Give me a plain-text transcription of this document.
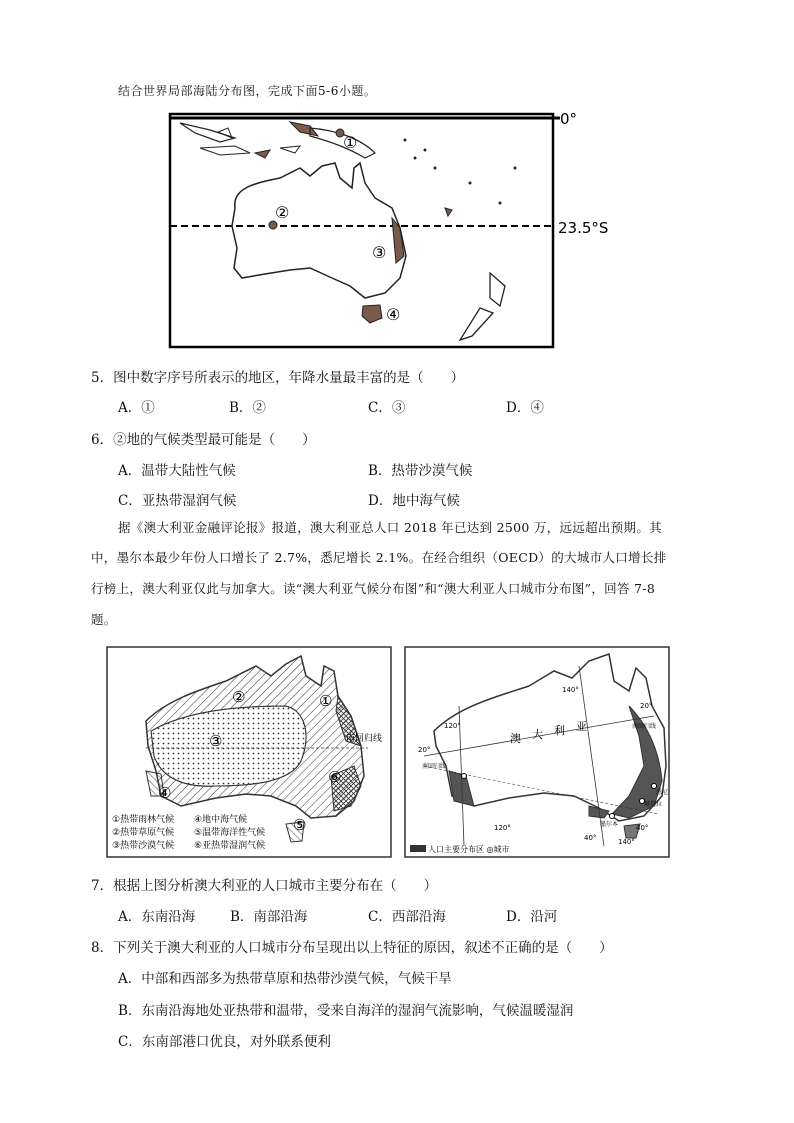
结合世界局部海陆分布图，完成下面5-6小题。
0°
23.5°S
①
②
③
④
5．图中数字序号所表示的地区，年降水量最丰富的是（　　）
A．①	B．②	C．③	D．④
6．②地的气候类型最可能是（　　）
A．温带大陆性气候	B．热带沙漠气候
C．亚热带湿润气候	D．地中海气候
据《澳大利亚金融评论报》报道，澳大利亚总人口 2018 年已达到 2500 万，远远超出预期。其
中，墨尔本最少年份人口增长了 2.7%，悉尼增长 2.1%。在经合组织（OECD）的大城市人口增长排
行榜上，澳大利亚仅此与加拿大。读“澳大利亚气候分布图”和“澳大利亚人口城市分布图”，回答 7-8
题。
南回归线
①
②
③
④
⑤
⑥
①热带雨林气候 ④地中海气候
②热带草原气候 ⑤温带海洋性气候
③热带沙漠气候 ⑥亚热带湿润气候
澳 大 利 亚
20°
20°
40°
40°
120°
140°
120°
140°
南回归线
悉尼
墨尔本
堪培拉
南回归线
人口主要分布区 ◎城市
7．根据上图分析澳大利亚的人口城市主要分布在（　　）
A．东南沿海	B．南部沿海	C．西部沿海	D．沿河
8．下列关于澳大利亚的人口城市分布呈现出以上特征的原因，叙述不正确的是（　　）
A．中部和西部多为热带草原和热带沙漠气候，气候干旱
B．东南沿海地处亚热带和温带，受来自海洋的湿润气流影响，气候温暖湿润
C．东南部港口优良，对外联系便利
